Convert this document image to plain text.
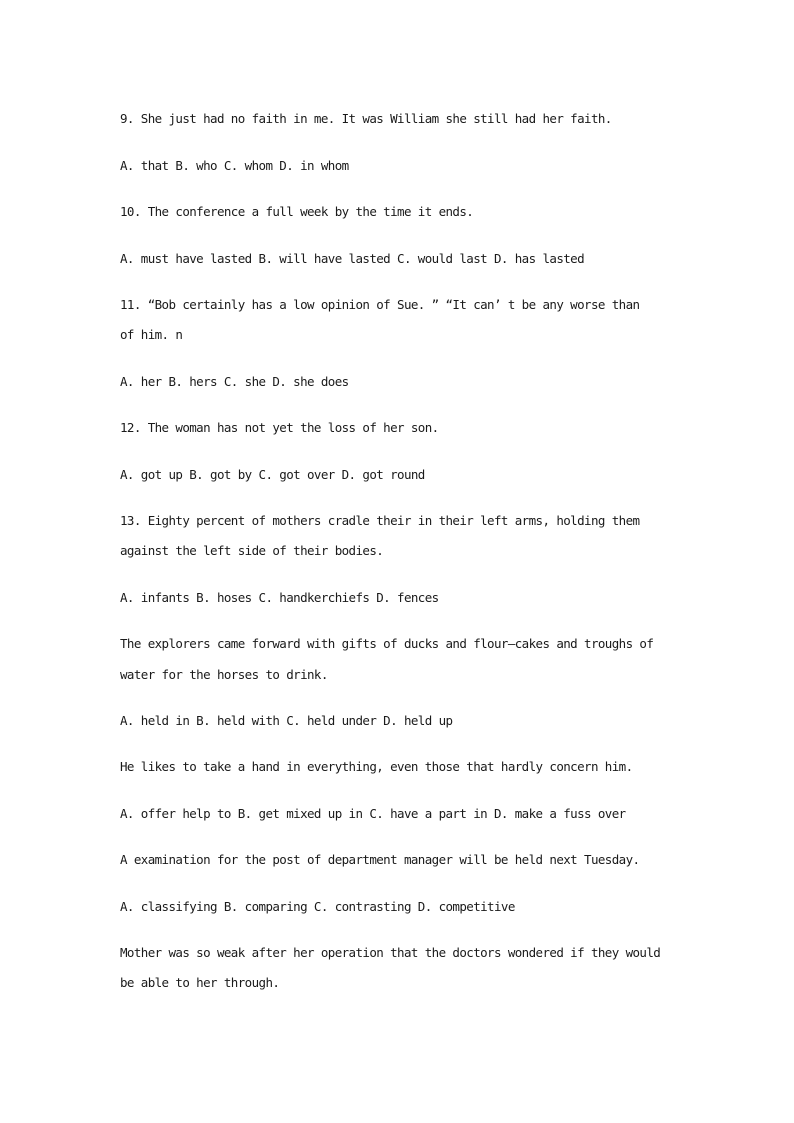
9. She just had no faith in me. It was William she still had her faith.

A. that B. who C. whom D. in whom

10. The conference a full week by the time it ends.

A. must have lasted B. will have lasted C. would last D. has lasted

11. “Bob certainly has a low opinion of Sue. ” “It can’ t be any worse than

of him. n

A. her B. hers C. she D. she does

12. The woman has not yet the loss of her son.

A. got up B. got by C. got over D. got round

13. Eighty percent of mothers cradle their in their left arms, holding them

against the left side of their bodies.

A. infants B. hoses C. handkerchiefs D. fences

The explorers came forward with gifts of ducks and flour—cakes and troughs of

water for the horses to drink.

A. held in B. held with C. held under D. held up

He likes to take a hand in everything, even those that hardly concern him.

A. offer help to B. get mixed up in C. have a part in D. make a fuss over

A examination for the post of department manager will be held next Tuesday.

A. classifying B. comparing C. contrasting D. competitive

Mother was so weak after her operation that the doctors wondered if they would

be able to her through.
